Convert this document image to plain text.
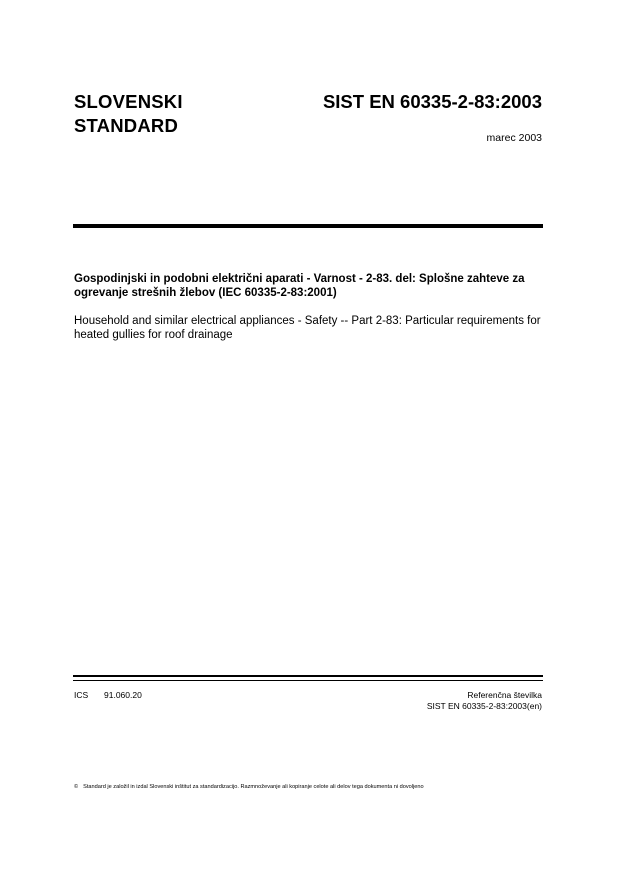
SLOVENSKI
STANDARD
SIST EN 60335-2-83:2003
marec 2003
Gospodinjski in podobni električni aparati - Varnost - 2-83. del: Splošne zahteve za ogrevanje strešnih žlebov (IEC 60335-2-83:2001)
Household and similar electrical appliances - Safety -- Part 2-83: Particular requirements for heated gullies for roof drainage
ICS 91.060.20	Referenčna številka
SIST EN 60335-2-83:2003(en)
© Standard je založil in izdal Slovenski inštitut za standardizacijo. Razmnoževanje ali kopiranje celote ali delov tega dokumenta ni dovoljeno
